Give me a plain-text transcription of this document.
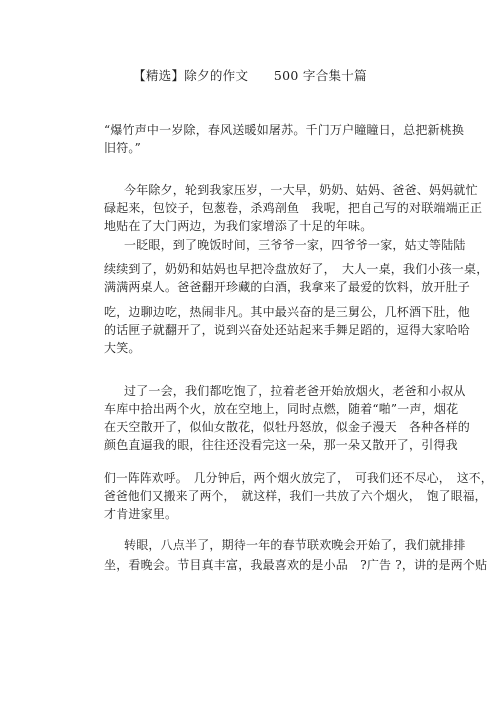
【精选】除夕的作文　　500 字合集十篇
“爆竹声中一岁除，春风送暖如屠苏。千门万户瞳瞳日，总把新桃换
旧符。”
今年除夕，轮到我家压岁，一大早，奶奶、姑妈、爸爸、妈妈就忙
碌起来，包饺子，包葱卷，杀鸡剖鱼　我呢，把自己写的对联端端正正
地贴在了大门两边，为我们家增添了十足的年味。
一眨眼，到了晚饭时间，三爷爷一家，四爷爷一家，姑丈等陆陆
续续到了，奶奶和姑妈也早把冷盘放好了，　大人一桌，我们小孩一桌，
满满两桌人。爸爸翻开珍藏的白酒，我拿来了最爱的饮料，放开肚子
吃，边聊边吃，热闹非凡。其中最兴奋的是三舅公，几杯酒下肚，他
的话匣子就翻开了，说到兴奋处还站起来手舞足蹈的，逗得大家哈哈
大笑。
过了一会，我们都吃饱了，拉着老爸开始放烟火，老爸和小叔从
车库中拾出两个火，放在空地上，同时点燃，随着“啪”一声，烟花
在天空散开了，似仙女散花，似牡丹怒放，似金子漫天　各种各样的
颜色直逼我的眼，往往还没看完这一朵，那一朵又散开了，引得我
们一阵阵欢呼。　几分钟后，两个烟火放完了，　可我们还不尽心，　这不，
爸爸他们又搬来了两个，　就这样，我们一共放了六个烟火，　饱了眼福，
才肯进家里。
转眼，八点半了，期待一年的春节联欢晚会开始了，我们就排排
坐，看晚会。节目真丰富，我最喜欢的是小品　?广告 ?，讲的是两个贴
